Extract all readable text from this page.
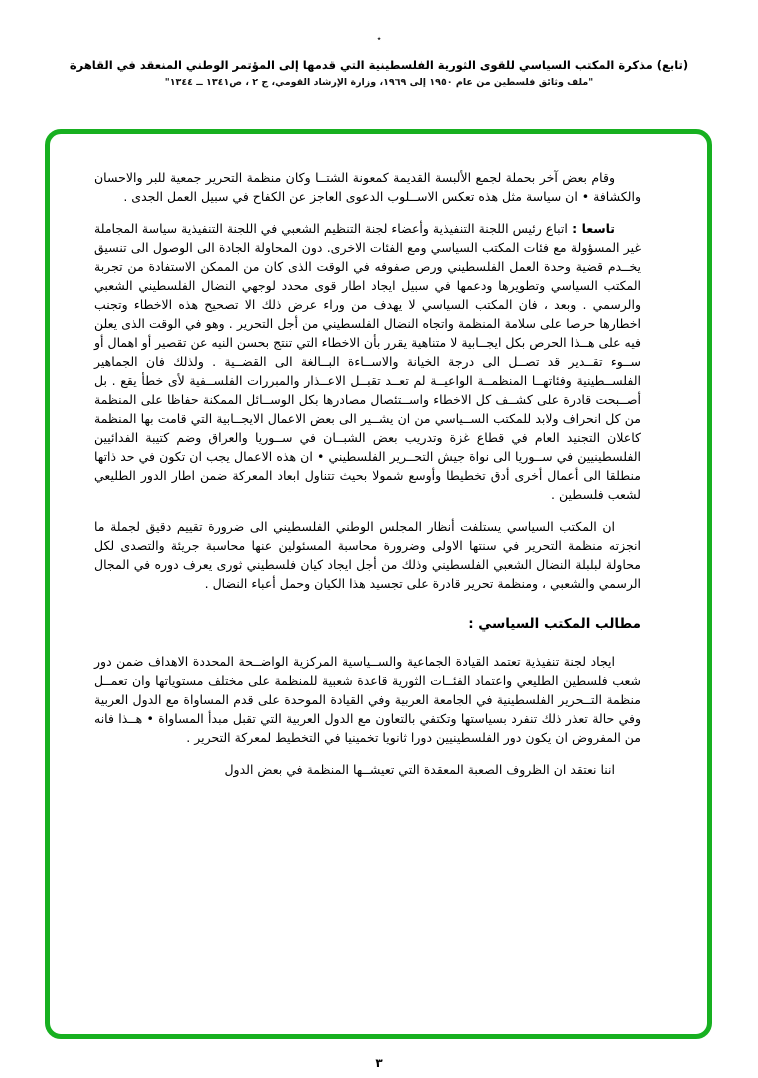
٭
(تابع) مذكرة المكتب السياسي للقوى الثورية الفلسطينية التي قدمها إلى المؤتمر الوطني المنعقد في القاهرة
"ملف وثائق فلسطين من عام ١٩٥٠ إلى ١٩٦٩، وزارة الإرشاد القومي، ج ٢ ، ص١٣٤١ ــ ١٣٤٤"

وقام بعض آخر بحملة لجمع الألبسة القديمة كمعونة الشتــا وكان منظمة التحرير جمعية للبر والاحسان والكشافة • ان سياسة مثل هذه تعكس الاســلوب الدعوى العاجز عن الكفاح في سبيل العمل الجدى .

تاسعا : اتباع رئيس اللجنة التنفيذية وأعضاء لجنة التنظيم الشعبي في اللجنة التنفيذية سياسة المجاملة غير المسؤولة مع فئات المكتب السياسي ومع الفئات الاخرى. دون المحاولة الجادة الى الوصول الى تنسيق يخــدم قضية وحدة العمل الفلسطيني ورص صفوفه في الوقت الذى كان من الممكن الاستفادة من تجربة المكتب السياسي وتطويرها ودعمها في سبيل ايجاد اطار قوى محدد لوجهي النضال الفلسطيني الشعبي والرسمي . وبعد ، فان المكتب السياسي لا يهدف من وراء عرض ذلك الا تصحيح هذه الاخطاء وتجنب اخطارها حرصا على سلامة المنظمة واتجاه النضال الفلسطيني من أجل التحرير . وهو في الوقت الذى يعلن فيه على هــذا الحرص بكل ايجــابية لا متناهية يقرر بأن الاخطاء التي تنتج بحسن النيه عن تقصير أو اهمال أو ســوء تقــدير قد تصــل الى درجة الخيانة والاســاءة البــالغة الى القضــية . ولذلك فان الجماهير الفلســطينية وفئاتهــا المنظمــة الواعيــة لم تعــد تقبــل الاعــذار والمبررات الفلســفية لأى خطأ يقع . بل أصــبحت قادرة على كشــف كل الاخطاء واســتئصال مصادرها بكل الوســائل الممكنة حفاظا على المنظمة من كل انحراف ولابد للمكتب الســياسي من ان يشــير الى بعض الاعمال الايجــابية التي قامت بها المنظمة كاعلان التجنيد العام في قطاع غزة وتدريب بعض الشبــان في ســوريا والعراق وضم كتيبة الفدائيين الفلسطينيين في ســوريا الى نواة جيش التحــرير الفلسطيني • ان هذه الاعمال يجب ان تكون في حد ذاتها منطلقا الى أعمال أخرى أدق تخطيطا وأوسع شمولا بحيث تتناول ابعاد المعركة ضمن اطار الدور الطليعي لشعب فلسطين .

ان المكتب السياسي يستلفت أنظار المجلس الوطني الفلسطيني الى ضرورة تقييم دقيق لجملة ما انجزته منظمة التحرير في سنتها الاولى وضرورة محاسبة المسئولين عنها محاسبة جريئة والتصدى لكل محاولة لبلبلة النضال الشعبي الفلسطيني وذلك من أجل ايجاد كيان فلسطيني ثورى يعرف دوره في المجال الرسمي والشعبي ، ومنظمة تحرير قادرة على تجسيد هذا الكيان وحمل أعباء النضال .

مطالب المكتب السياسي :

ايجاد لجنة تنفيذية تعتمد القيادة الجماعية والســياسية المركزية الواضــحة المحددة الاهداف ضمن دور شعب فلسطين الطليعي واعتماد الفئــات الثورية قاعدة شعبية للمنظمة على مختلف مستوياتها وان تعمــل منظمة التــحرير الفلسطينية في الجامعة العربية وفي القيادة الموحدة على قدم المساواة مع الدول العربية وفي حالة تعذر ذلك تنفرد بسياستها وتكتفي بالتعاون مع الدول العربية التي تقبل مبدأ المساواة • هــذا فانه من المفروض ان يكون دور الفلسطينيين دورا ثانويا تخمينيا في التخطيط لمعركة التحرير .

اننا نعتقد ان الظروف الصعبة المعقدة التي تعيشــها المنظمة في بعض الدول

٣
